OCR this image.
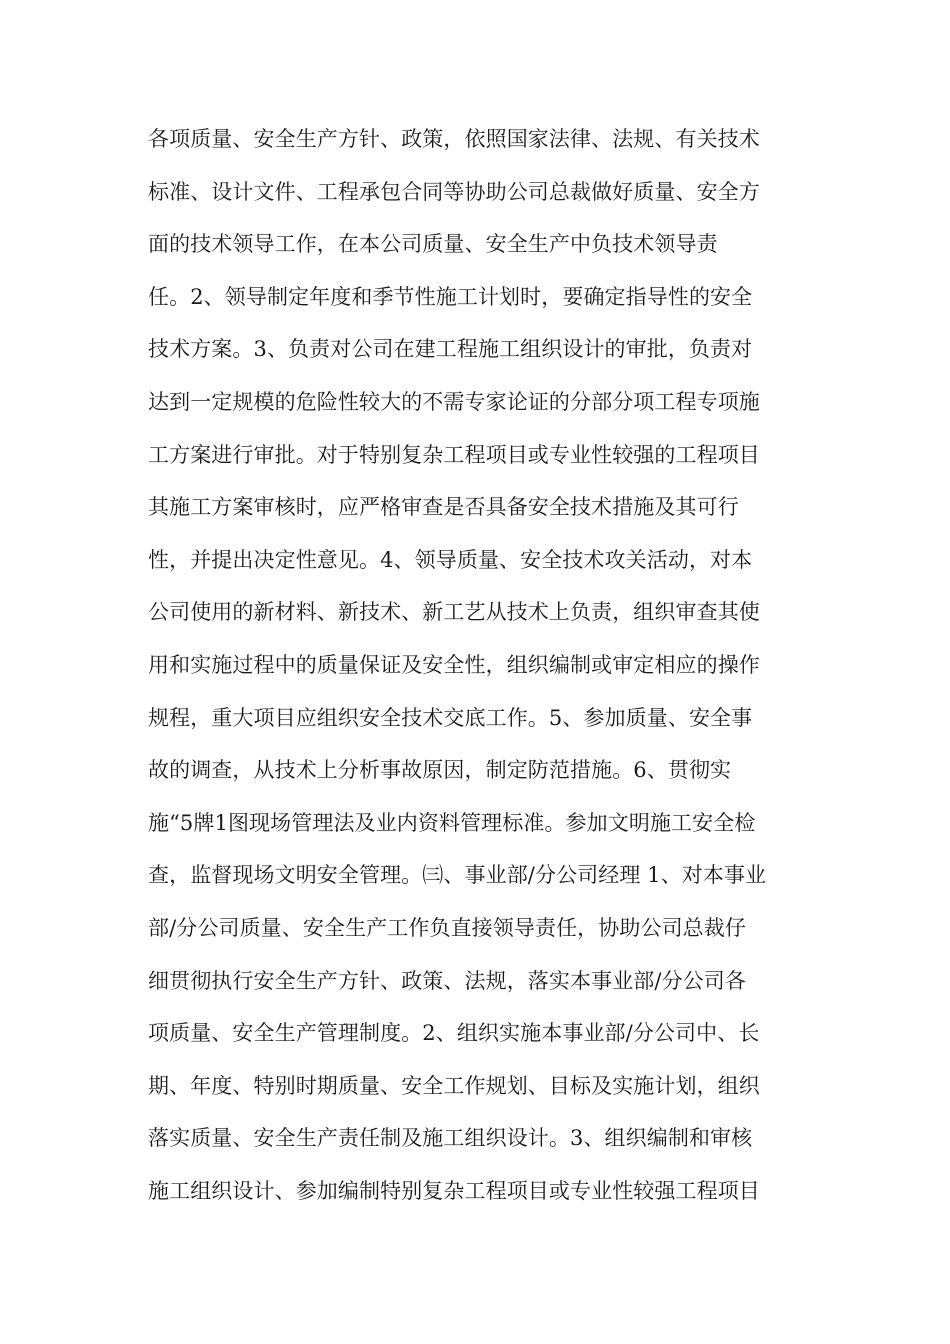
各项质量、安全生产方针、政策，依照国家法律、法规、有关技术
标准、设计文件、工程承包合同等协助公司总裁做好质量、安全方
面的技术领导工作，在本公司质量、安全生产中负技术领导责
任。2、领导制定年度和季节性施工计划时，要确定指导性的安全
技术方案。3、负责对公司在建工程施工组织设计的审批，负责对
达到一定规模的危险性较大的不需专家论证的分部分项工程专项施
工方案进行审批。对于特别复杂工程项目或专业性较强的工程项目
其施工方案审核时，应严格审查是否具备安全技术措施及其可行
性，并提出决定性意见。4、领导质量、安全技术攻关活动，对本
公司使用的新材料、新技术、新工艺从技术上负责，组织审查其使
用和实施过程中的质量保证及安全性，组织编制或审定相应的操作
规程，重大项目应组织安全技术交底工作。5、参加质量、安全事
故的调查，从技术上分析事故原因，制定防范措施。6、贯彻实
施“5牌1图现场管理法及业内资料管理标准。参加文明施工安全检
查，监督现场文明安全管理。㈢、事业部/分公司经理 1、对本事业
部/分公司质量、安全生产工作负直接领导责任，协助公司总裁仔
细贯彻执行安全生产方针、政策、法规，落实本事业部/分公司各
项质量、安全生产管理制度。2、组织实施本事业部/分公司中、长
期、年度、特别时期质量、安全工作规划、目标及实施计划，组织
落实质量、安全生产责任制及施工组织设计。3、组织编制和审核
施工组织设计、参加编制特别复杂工程项目或专业性较强工程项目
